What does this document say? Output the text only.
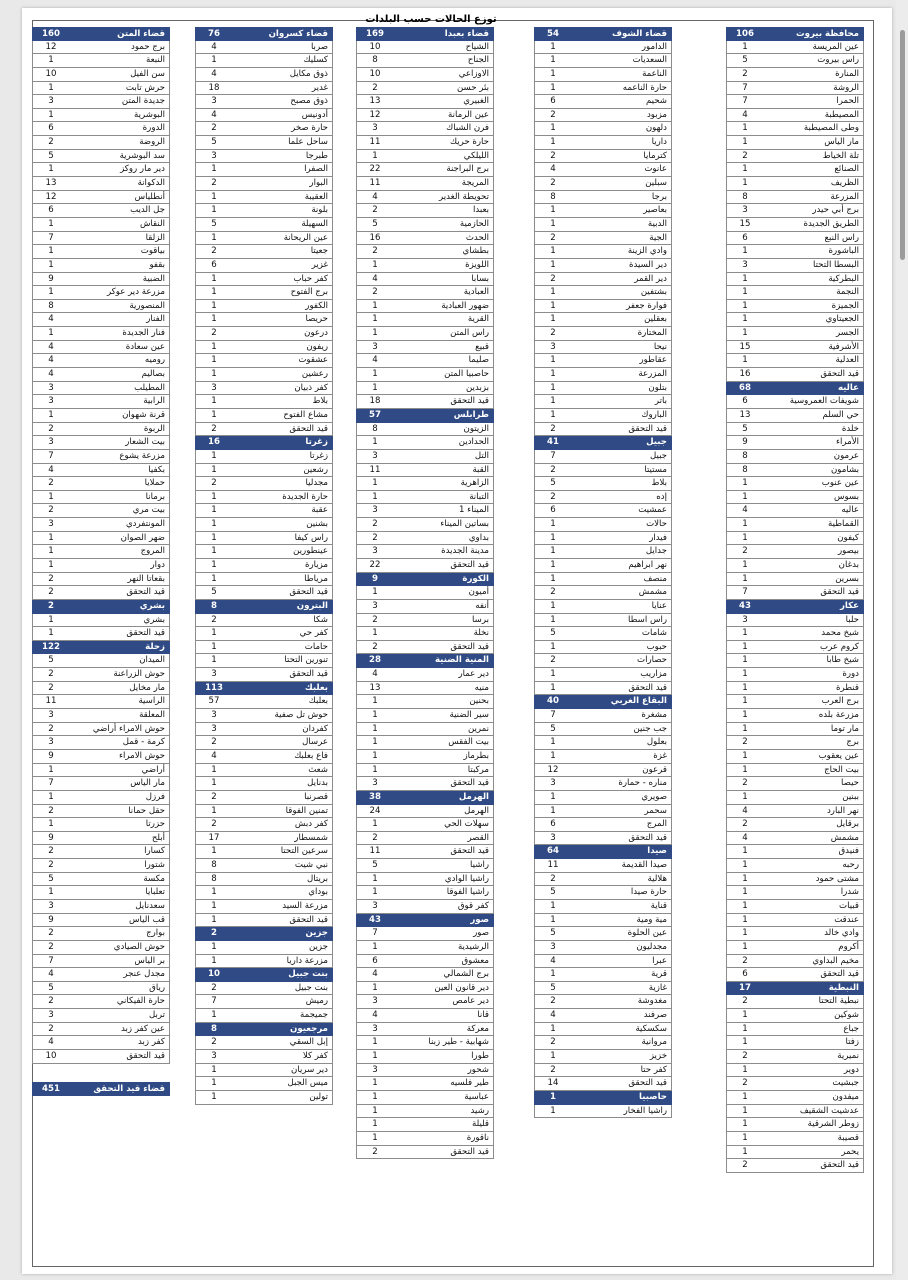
توزع الحالات حسب البلدات
محافظة بيروت
106
عين المريسة
1
راس بيروت
5
المنارة
2
الروشة
7
الحمرا
7
المصيطبة
4
وطى المصيطبة
1
مار الياس
1
تلة الخياط
2
الصنائع
1
الظريف
1
المزرعة
8
برج أبي حيدر
3
الطريق الجديدة
15
راس النبع
6
الباشورة
1
البسطا التحتا
3
البطركية
1
النجمة
1
الجميزة
1
الجعيتاوي
1
الجسر
1
الأشرفية
15
العدلية
1
قيد التحقق
16
عاليه
68
شويفات العمروسية
6
حي السلم
13
خلدة
5
الأمراء
9
عرمون
8
بشامون
8
عين عنوب
1
بسوس
1
عاليه
4
القماطية
1
كيفون
1
بيصور
2
بدغان
1
بسرين
1
قيد التحقق
7
عكار
43
حلبا
3
شيخ محمد
1
كروم عرب
1
شيخ طابا
1
دورة
1
قنطرة
1
برج العرب
1
مزرعة بلده
1
مار توما
1
برج
2
عين يعقوب
1
بيت الحاج
1
حيصا
2
ببنين
1
نهر البارد
4
برقايل
2
مشمش
4
فنيدق
1
رحبه
1
مشتى حمود
1
شدرا
1
قبيات
1
عندقت
1
وادي خالد
1
أكروم
1
مخيم البداوي
2
قيد التحقق
6
النبطية
17
نبطية التحتا
2
شوكين
1
جباع
1
زفتا
1
نميرية
2
دوير
1
جبشيت
2
ميفدون
1
عدشيت الشقيف
1
زوطر الشرقية
1
قصيبة
1
يحمر
1
قيد التحقق
2
قضاء الشوف
54
الدامور
1
السعديات
1
الناعمة
1
حارة الناعمه
1
شحيم
6
مزبود
2
دلهون
1
داريا
1
كترمايا
2
عانوت
4
سبلين
2
برجا
8
بعاصير
1
الدبية
1
الجية
2
وادي الزينة
1
دير السيدة
1
دير القمر
2
بشتفين
1
فوارة جعفر
1
بعقلين
1
المختارة
2
نيحا
3
عقاطور
1
المزرعة
1
بتلون
1
باتر
1
الباروك
1
قيد التحقق
2
جبيل
41
جبيل
7
مستيتا
2
بلاط
5
إده
2
عمشيت
6
حالات
1
فيدار
1
جدايل
1
نهر ابراهيم
1
منصف
1
مشمش
2
عنايا
1
راس اسطا
1
شامات
5
حبوب
1
حصارات
2
مزاريب
1
قيد التحقق
1
البقاع الغربي
40
مشغرة
7
جب جنين
5
بعلول
1
غزة
1
قرعون
12
مناره - حمارة
3
صويري
1
سحمر
1
المرج
6
قيد التحقق
3
صيدا
64
صيدا القديمة
11
هلالية
2
حارة صيدا
5
قناية
1
مية ومية
1
عين الحلوة
5
مجدليون
3
عبرا
4
قرية
1
غازية
5
مغدوشة
2
صرفند
4
سكسكية
1
مروانية
2
خزيز
1
كفر حتا
2
قيد التحقق
14
حاصبيا
1
راشيا الفخار
1
قضاء بعبدا
169
الشياح
10
الجناح
8
الاوزاعي
10
بئر حسن
2
الغبيري
13
عين الرمانة
12
فرن الشباك
3
حارة حريك
11
الليلكي
1
برج البراجنة
22
المريجة
11
تحويطة الغدير
4
بعبدا
2
الحازمية
5
الحدث
16
بطشاي
2
اللويزة
1
بسابا
4
العبادية
2
ضهور العبادية
1
القرية
1
راس المتن
1
قبيع
3
صليما
4
حاصبيا المتن
1
بزبدين
1
قيد التحقق
18
طرابلس
57
الزيتون
8
الحدادين
1
التل
3
القبة
11
الزاهرية
1
التبانة
1
الميناء 1
3
بساتين الميناء
2
بداوي
2
مدينة الجديدة
3
قيد التحقق
22
الكورة
9
أميون
1
أنفه
3
برسا
2
نخلة
1
قيد التحقق
2
المنية الضنية
28
دير عمار
4
منيه
13
بحنين
1
سير الضنية
1
نمرين
1
بيت الفقس
1
بطرماز
1
مركبتا
1
قيد التحقق
3
الهرمل
38
الهرمل
24
سهلات الحي
1
القصر
2
قيد التحقق
11
راشيا
5
راشيا الوادي
1
راشيا الفوقا
1
كفر قوق
3
صور
43
صور
7
الرشيدية
1
معشوق
6
برج الشمالي
4
دير قانون العين
1
دير عامص
3
قانا
4
معركة
3
شهابية - طير زبنا
1
طورا
1
شحور
3
طير فلسيه
1
عباسية
1
رشيد
1
قليلة
1
ناقورة
1
قيد التحقق
2
قضاء كسروان
76
صربا
4
كسليك
1
ذوق مكايل
4
غدير
18
ذوق مصبح
3
أدونيس
4
حارة صخر
2
ساحل علما
5
طبرجا
3
الصفرا
1
البوار
2
العقيبة
1
بلونة
1
السهيلة
5
عين الريحانة
1
جعيتا
2
غزير
6
كفر حباب
1
برج الفتوح
1
الكفور
1
حريصا
1
درعون
2
ريفون
1
عشقوت
1
رعشين
1
كفر ذبيان
3
بلاط
1
مشاع الفتوح
1
قيد التحقق
2
زغرتا
16
زغرتا
1
رشعين
1
مجدليا
2
حارة الجديدة
1
عقبة
1
بشنين
1
راس كيفا
1
عينطورين
1
مزيارة
1
مرياطا
1
قيد التحقق
5
البترون
8
شكا
2
كفر حي
1
حامات
1
تنورين التحتا
1
قيد التحقق
3
بعلبك
113
بعلبك
57
حوش تل صفية
3
كفردان
3
عرسال
2
فاع بعلبك
4
شعث
1
بدنايل
1
قصرنبا
2
تمنين الفوقا
1
كفر دبش
2
شمسطار
17
سرعين التحتا
1
نبي شيت
8
بريتال
8
بوداي
1
مزرعة السيد
1
قيد التحقق
1
جزين
2
جزين
1
مزرعة داريا
1
بنت جبيل
10
بنت جبيل
2
رميش
7
جميجمة
1
مرجعيون
8
إبل السقي
2
كفر كلا
3
دير سريان
1
ميس الجبل
1
تولين
1
قضاء المتن
160
برج حمود
12
النبعة
1
سن الفيل
10
حرش تابت
1
جديدة المتن
3
البوشرية
1
الدورة
6
الروضة
2
سد البوشرية
5
دير مار روكز
1
الدكوانة
13
أنطلياس
12
جل الديب
6
النقاش
1
الزلقا
7
بياقوت
1
بقفو
1
الضبية
9
مزرعة دير عوكر
1
المنصورية
8
الفنار
4
فنار الجديدة
1
عين سعادة
4
روميه
4
بصاليم
4
المطيلب
3
الرابية
3
قرنة شهوان
1
الربوة
2
بيت الشعار
3
مزرعة يشوع
7
بكفيا
4
حملايا
2
برمانا
1
بيت مري
2
المونتفردي
3
ضهر الصوان
1
المروج
1
دوار
1
بقعاتا النهر
2
قيد التحقق
2
بشري
2
بشري
1
قيد التحقق
1
زحلة
122
الميدان
5
حوش الزراعنة
2
مار مخايل
2
الراسية
11
المعلقة
3
حوش الامراء أراضي
2
كرمة - قمل
3
حوش الامراء
9
أراضي
1
مار الياس
7
فرزل
1
حقل حمانا
2
حزرتا
1
أبلح
9
كسارا
2
شتورا
2
مكسة
5
تعلبايا
1
سعدنايل
3
قب الياس
9
بوارج
2
حوش الصيادي
2
بر الياس
7
مجدل عنجر
4
رياق
5
حارة الفيكاني
2
تربل
3
عين كفر زبد
2
كفر زبد
4
قيد التحقق
10
قضاء قيد التحقق
451
